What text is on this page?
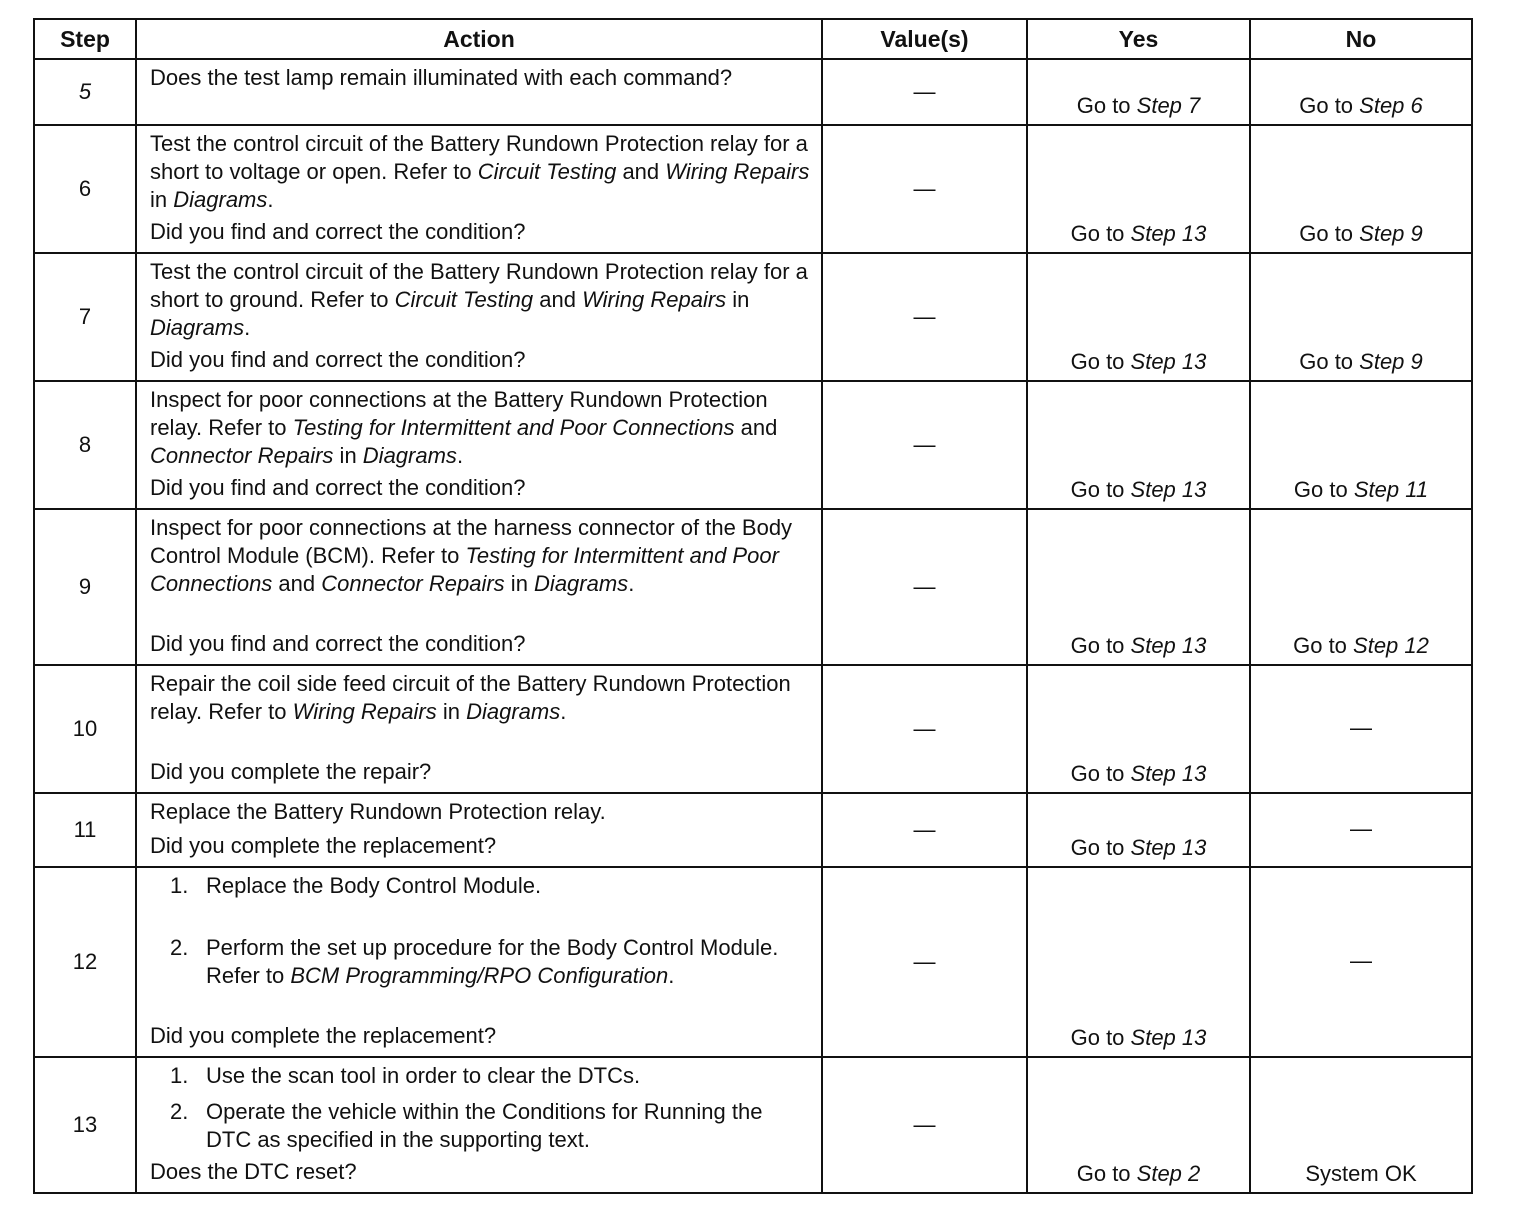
Step	Action	Value(s)	Yes	No
5	Does the test lamp remain illuminated with each command?	—	Go to Step 7	Go to Step 6
6	Test the control circuit of the Battery Rundown Protection relay for a short to voltage or open. Refer to Circuit Testing and Wiring Repairs in Diagrams.
Did you find and correct the condition?	—	Go to Step 13	Go to Step 9
7	Test the control circuit of the Battery Rundown Protection relay for a short to ground. Refer to Circuit Testing and Wiring Repairs in Diagrams.
Did you find and correct the condition?	—	Go to Step 13	Go to Step 9
8	Inspect for poor connections at the Battery Rundown Protection relay. Refer to Testing for Intermittent and Poor Connections and Connector Repairs in Diagrams.
Did you find and correct the condition?	—	Go to Step 13	Go to Step 11
9	Inspect for poor connections at the harness connector of the Body Control Module (BCM). Refer to Testing for Intermittent and Poor Connections and Connector Repairs in Diagrams.
Did you find and correct the condition?	—	Go to Step 13	Go to Step 12
10	Repair the coil side feed circuit of the Battery Rundown Protection relay. Refer to Wiring Repairs in Diagrams.
Did you complete the repair?	—	Go to Step 13	—
11	Replace the Battery Rundown Protection relay.
Did you complete the replacement?	—	Go to Step 13	—
12	1. Replace the Body Control Module.
2. Perform the set up procedure for the Body Control Module. Refer to BCM Programming/RPO Configuration.
Did you complete the replacement?	—	Go to Step 13	—
13	1. Use the scan tool in order to clear the DTCs.
2. Operate the vehicle within the Conditions for Running the DTC as specified in the supporting text.
Does the DTC reset?	—	Go to Step 2	System OK
